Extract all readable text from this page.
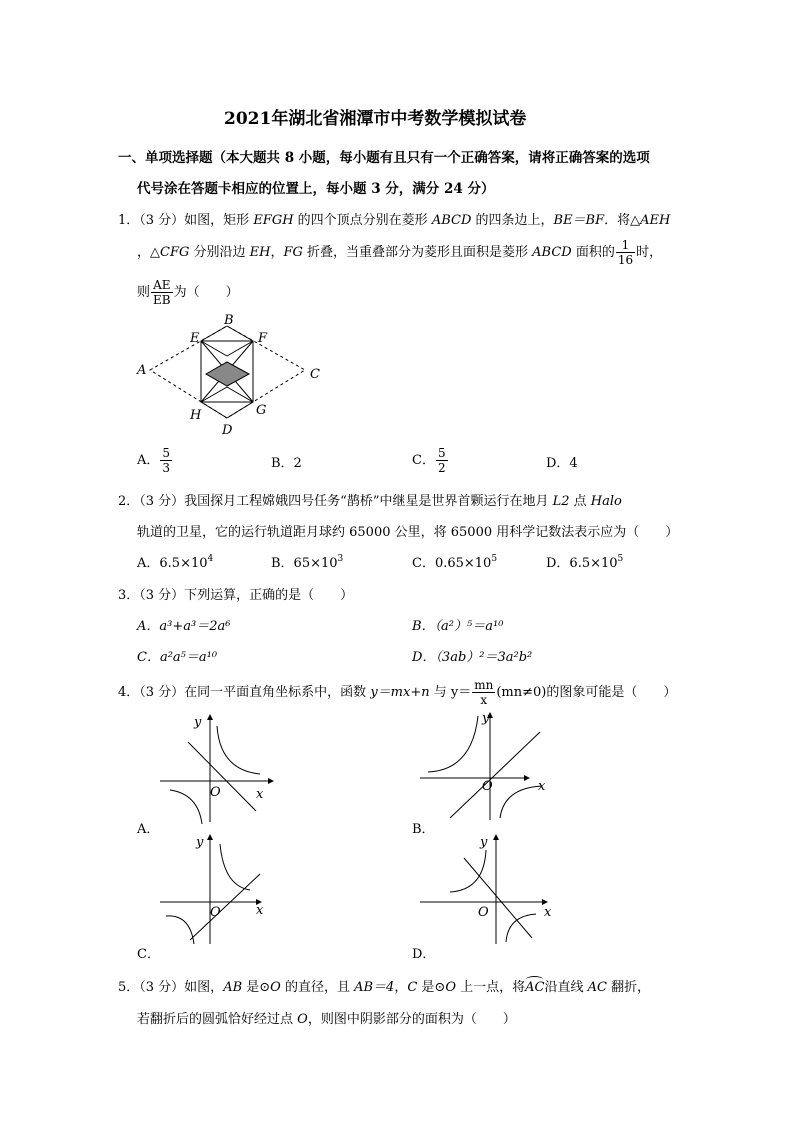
2021年湖北省湘潭市中考数学模拟试卷
一、单项选择题（本大题共 8 小题，每小题有且只有一个正确答案，请将正确答案的选项
代号涂在答题卡相应的位置上，每小题 3 分，满分 24 分）
1．（3 分）如图，矩形 EFGH 的四个顶点分别在菱形 ABCD 的四条边上，BE＝BF．将△AEH
，△CFG 分别沿边 EH，FG 折叠，当重叠部分为菱形且面积是菱形 ABCD 面积的 $\frac{1}{16}$ 时，
则 $\frac{AE}{EB}$ 为（　　）
A
B
C
D
E	F
G
H
A． $\frac{5}{3}$	B．2	C． $\frac{5}{2}$	D．4
2．（3 分）我国探月工程嫦娥四号任务“鹊桥”中继星是世界首颗运行在地月 L2 点 Halo
轨道的卫星，它的运行轨道距月球约 65000 公里，将 65000 用科学记数法表示应为（　　）
A．$6.5\times 10^4$	B．$65\times 10^3$	C．$0.65\times 10^5$	D．$6.5\times 10^5$
3．（3 分）下列运算，正确的是（　　）
A．a³+a³＝2a⁶	B．（a²）⁵＝a¹⁰
C．a²a⁵＝a¹⁰	D．（3ab）²＝3a²b²
4．（3 分）在同一平面直角坐标系中，函数 y＝mx+n 与 $y= \frac{mn}{x} (mn\ne 0)$的图象可能是（　　）
y
x
O
A．
y
x
O
B．
y
x
O
C．
y
x
O
D．
5．（3 分）如图，AB 是⊙O 的直径，且 AB＝4，C 是⊙O 上一点，将AC沿直线 AC 翻折，
若翻折后的圆弧恰好经过点 O，则图中阴影部分的面积为（　　）
